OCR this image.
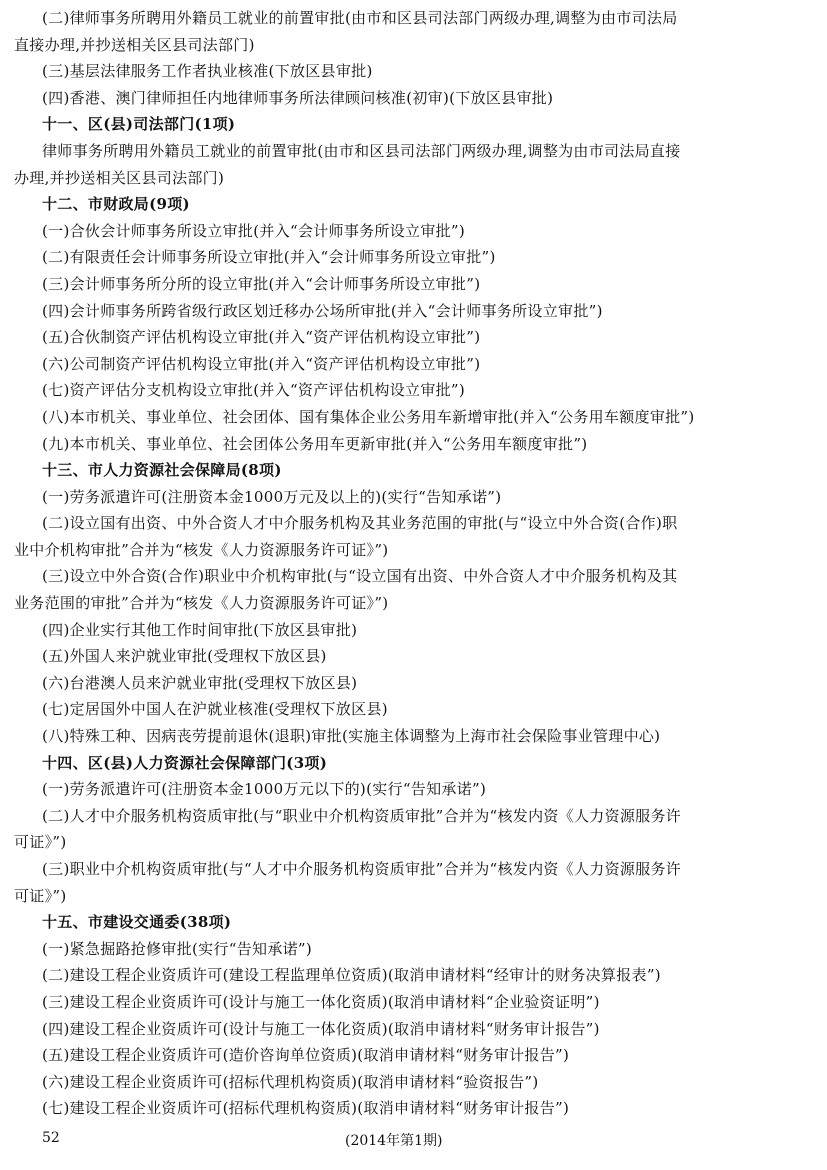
(二)律师事务所聘用外籍员工就业的前置审批(由市和区县司法部门两级办理,调整为由市司法局
直接办理,并抄送相关区县司法部门)
(三)基层法律服务工作者执业核准(下放区县审批)
(四)香港、澳门律师担任内地律师事务所法律顾问核准(初审)(下放区县审批)
十一、区(县)司法部门(1项)
律师事务所聘用外籍员工就业的前置审批(由市和区县司法部门两级办理,调整为由市司法局直接
办理,并抄送相关区县司法部门)
十二、市财政局(9项)
(一)合伙会计师事务所设立审批(并入“会计师事务所设立审批”)
(二)有限责任会计师事务所设立审批(并入“会计师事务所设立审批”)
(三)会计师事务所分所的设立审批(并入“会计师事务所设立审批”)
(四)会计师事务所跨省级行政区划迁移办公场所审批(并入“会计师事务所设立审批”)
(五)合伙制资产评估机构设立审批(并入“资产评估机构设立审批”)
(六)公司制资产评估机构设立审批(并入“资产评估机构设立审批”)
(七)资产评估分支机构设立审批(并入“资产评估机构设立审批”)
(八)本市机关、事业单位、社会团体、国有集体企业公务用车新增审批(并入“公务用车额度审批”)
(九)本市机关、事业单位、社会团体公务用车更新审批(并入“公务用车额度审批”)
十三、市人力资源社会保障局(8项)
(一)劳务派遣许可(注册资本金1000万元及以上的)(实行“告知承诺”)
(二)设立国有出资、中外合资人才中介服务机构及其业务范围的审批(与“设立中外合资(合作)职
业中介机构审批”合并为“核发《人力资源服务许可证》”)
(三)设立中外合资(合作)职业中介机构审批(与“设立国有出资、中外合资人才中介服务机构及其
业务范围的审批”合并为“核发《人力资源服务许可证》”)
(四)企业实行其他工作时间审批(下放区县审批)
(五)外国人来沪就业审批(受理权下放区县)
(六)台港澳人员来沪就业审批(受理权下放区县)
(七)定居国外中国人在沪就业核准(受理权下放区县)
(八)特殊工种、因病丧劳提前退休(退职)审批(实施主体调整为上海市社会保险事业管理中心)
十四、区(县)人力资源社会保障部门(3项)
(一)劳务派遣许可(注册资本金1000万元以下的)(实行“告知承诺”)
(二)人才中介服务机构资质审批(与“职业中介机构资质审批”合并为“核发内资《人力资源服务许
可证》”)
(三)职业中介机构资质审批(与“人才中介服务机构资质审批”合并为“核发内资《人力资源服务许
可证》”)
十五、市建设交通委(38项)
(一)紧急掘路抢修审批(实行“告知承诺”)
(二)建设工程企业资质许可(建设工程监理单位资质)(取消申请材料“经审计的财务决算报表”)
(三)建设工程企业资质许可(设计与施工一体化资质)(取消申请材料“企业验资证明”)
(四)建设工程企业资质许可(设计与施工一体化资质)(取消申请材料“财务审计报告”)
(五)建设工程企业资质许可(造价咨询单位资质)(取消申请材料“财务审计报告”)
(六)建设工程企业资质许可(招标代理机构资质)(取消申请材料“验资报告”)
(七)建设工程企业资质许可(招标代理机构资质)(取消申请材料“财务审计报告”)
52	(2014年第1期)
